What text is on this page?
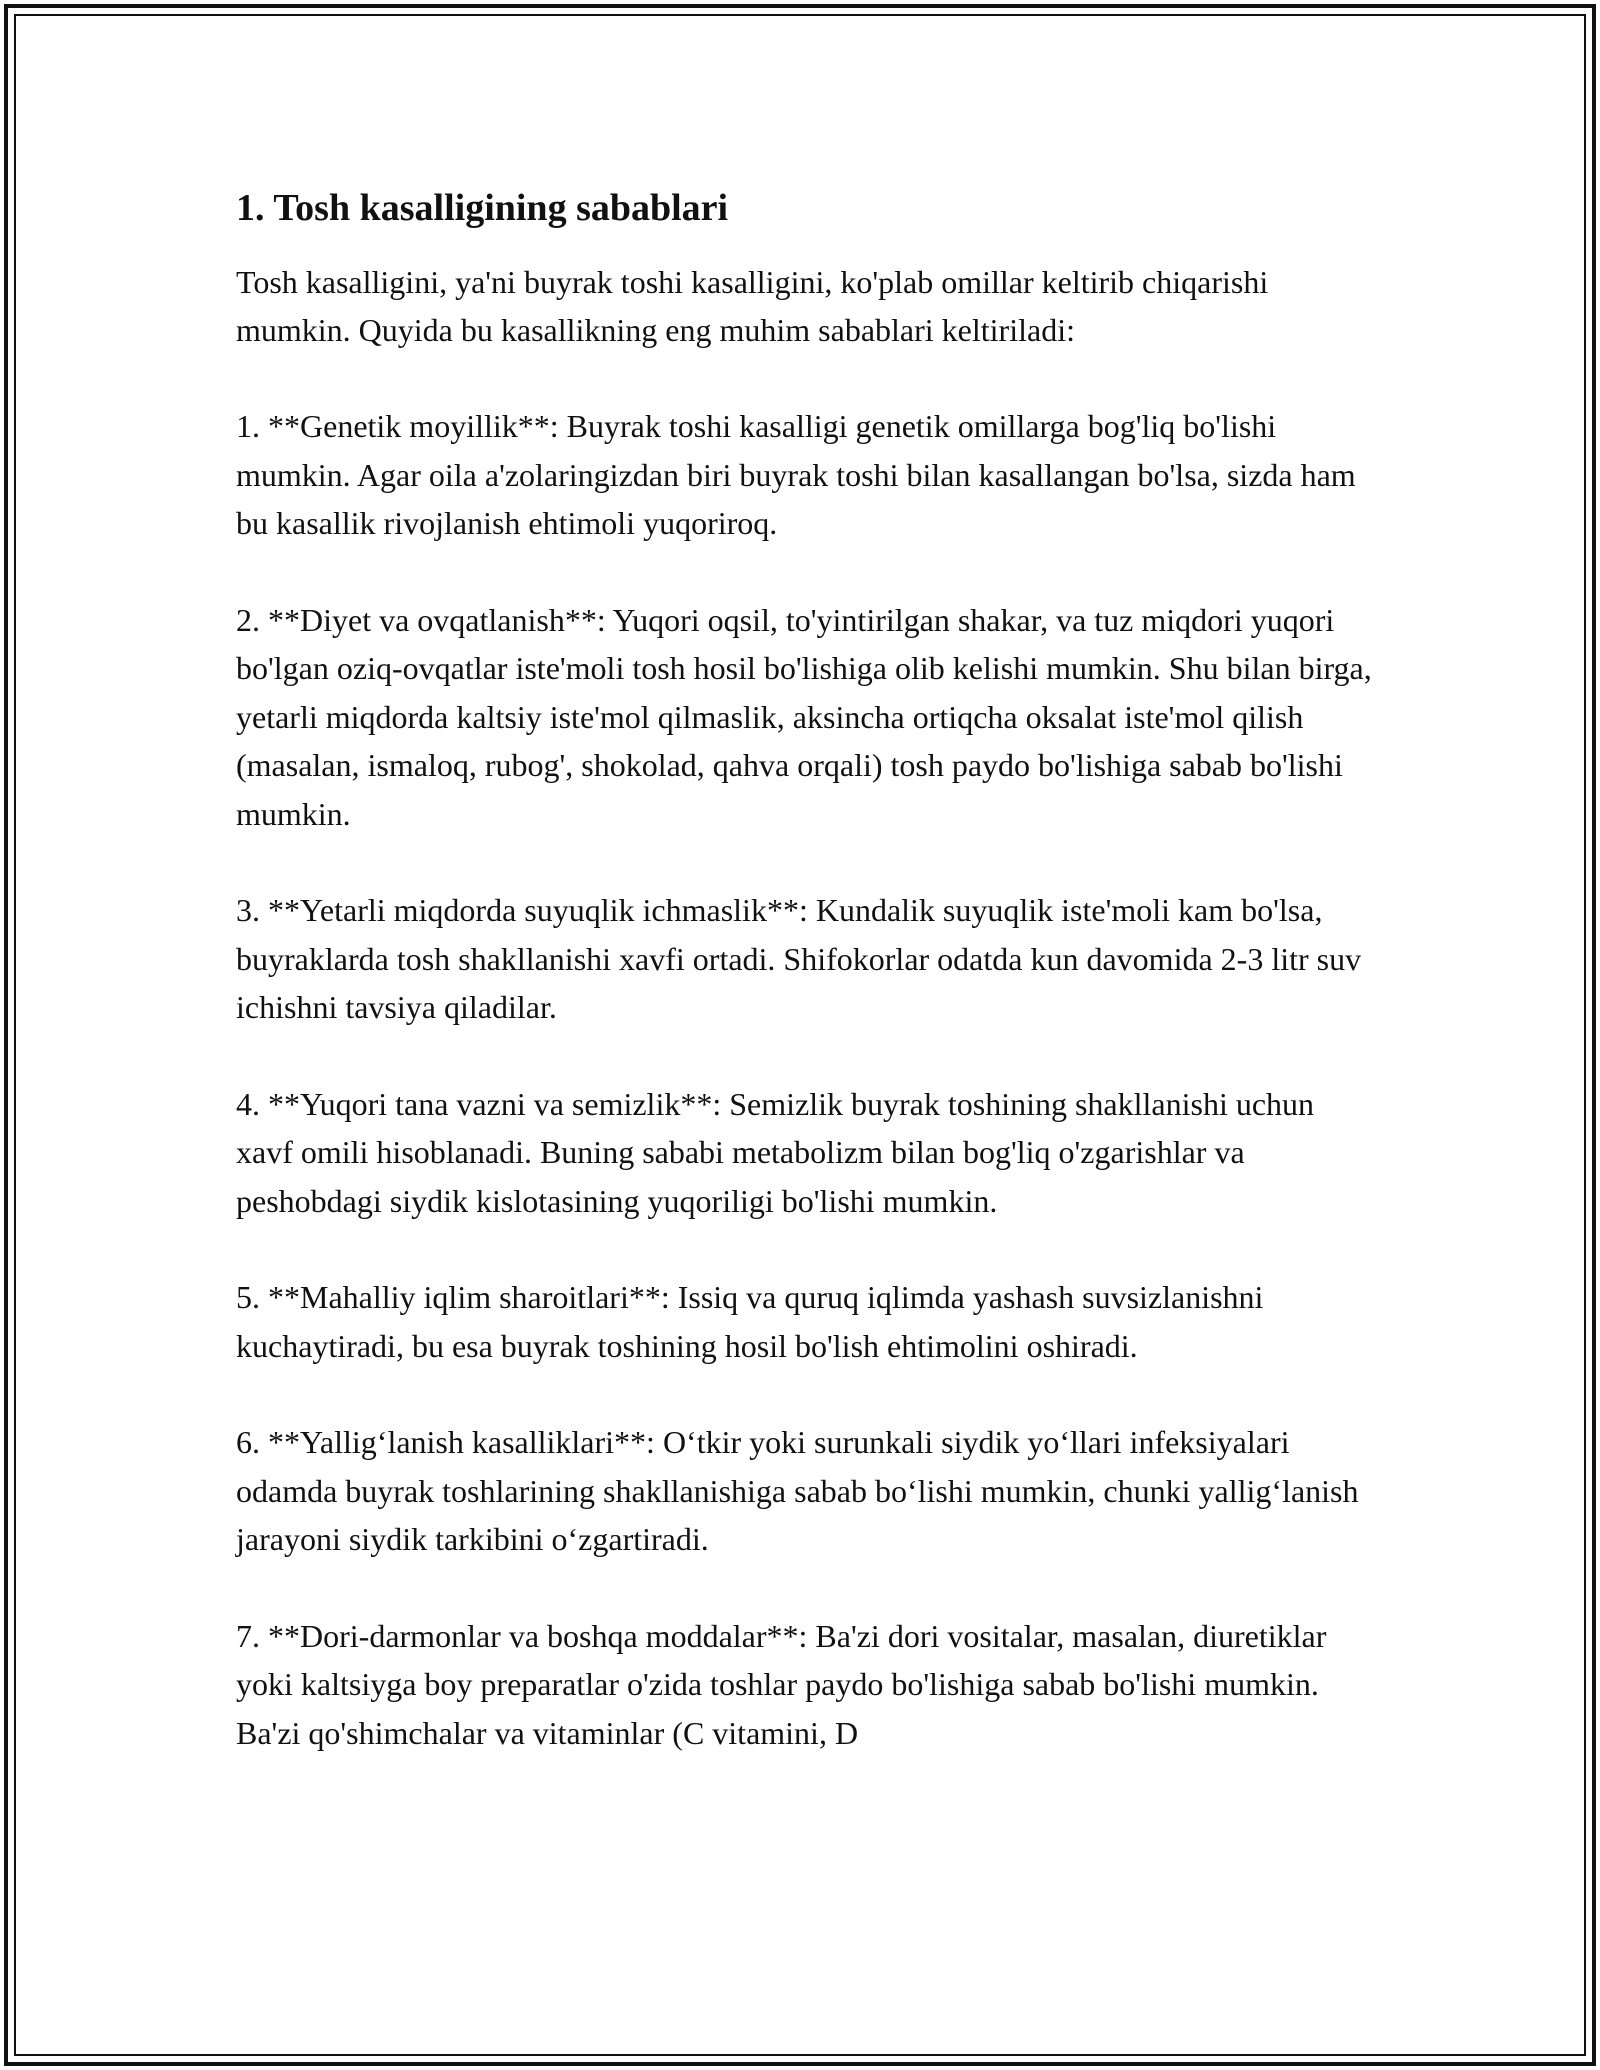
1. Tosh kasalligining sabablari

Tosh kasalligini, ya'ni buyrak toshi kasalligini, ko'plab omillar keltirib chiqarishi mumkin. Quyida bu kasallikning eng muhim sabablari keltiriladi:

1. **Genetik moyillik**: Buyrak toshi kasalligi genetik omillarga bog'liq bo'lishi mumkin. Agar oila a'zolaringizdan biri buyrak toshi bilan kasallangan bo'lsa, sizda ham bu kasallik rivojlanish ehtimoli yuqoriroq.

2. **Diyet va ovqatlanish**: Yuqori oqsil, to'yintirilgan shakar, va tuz miqdori yuqori bo'lgan oziq-ovqatlar iste'moli tosh hosil bo'lishiga olib kelishi mumkin. Shu bilan birga, yetarli miqdorda kaltsiy iste'mol qilmaslik, aksincha ortiqcha oksalat iste'mol qilish (masalan, ismaloq, rubog', shokolad, qahva orqali) tosh paydo bo'lishiga sabab bo'lishi mumkin.

3. **Yetarli miqdorda suyuqlik ichmaslik**: Kundalik suyuqlik iste'moli kam bo'lsa, buyraklarda tosh shakllanishi xavfi ortadi. Shifokorlar odatda kun davomida 2-3 litr suv ichishni tavsiya qiladilar.

4. **Yuqori tana vazni va semizlik**: Semizlik buyrak toshining shakllanishi uchun xavf omili hisoblanadi. Buning sababi metabolizm bilan bog'liq o'zgarishlar va peshobdagi siydik kislotasining yuqoriligi bo'lishi mumkin.

5. **Mahalliy iqlim sharoitlari**: Issiq va quruq iqlimda yashash suvsizlanishni kuchaytiradi, bu esa buyrak toshining hosil bo'lish ehtimolini oshiradi.

6. **Yallig‘lanish kasalliklari**: O‘tkir yoki surunkali siydik yo‘llari infeksiyalari odamda buyrak toshlarining shakllanishiga sabab bo‘lishi mumkin, chunki yallig‘lanish jarayoni siydik tarkibini o‘zgartiradi.

7. **Dori-darmonlar va boshqa moddalar**: Ba'zi dori vositalar, masalan, diuretiklar yoki kaltsiyga boy preparatlar o'zida toshlar paydo bo'lishiga sabab bo'lishi mumkin. Ba'zi qo'shimchalar va vitaminlar (C vitamini, D
